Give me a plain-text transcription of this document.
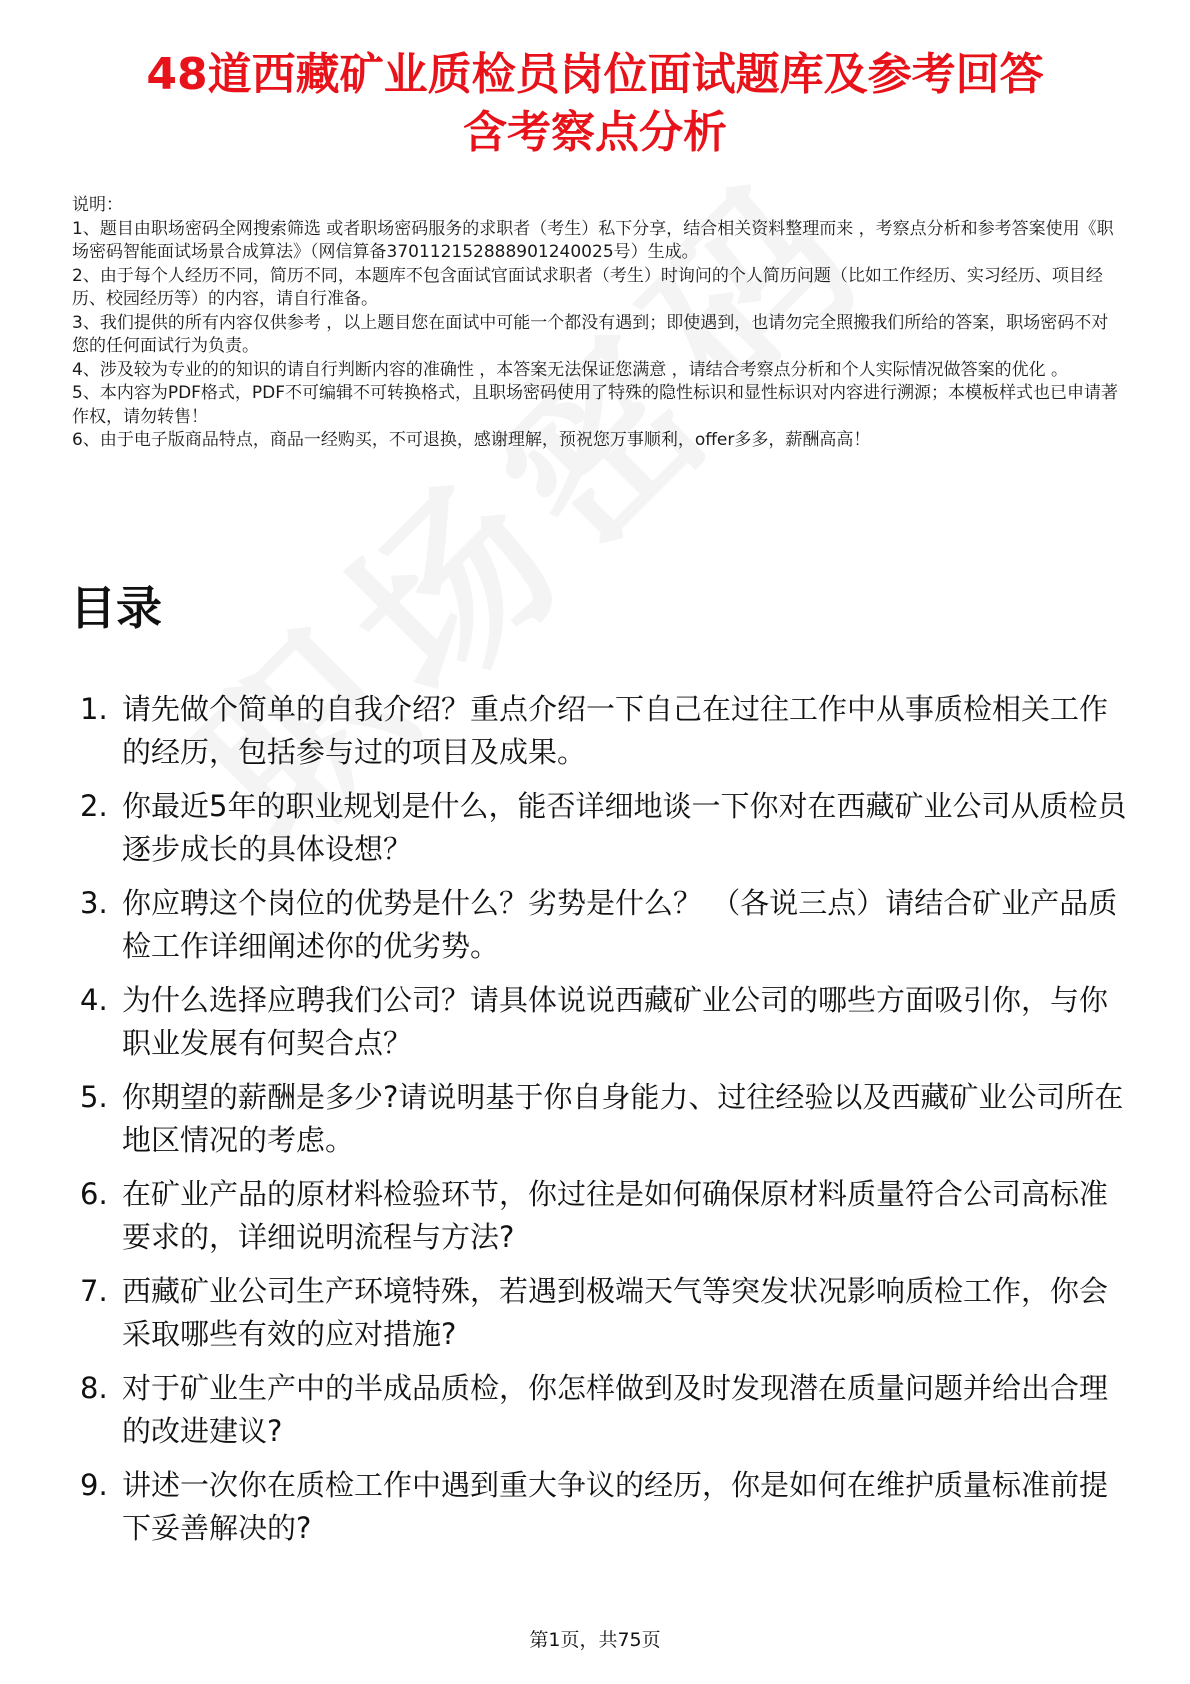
48道西藏矿业质检员岗位面试题库及参考回答
含考察点分析

说明：

1、题目由职场密码全网搜索筛选 或者职场密码服务的求职者（考生）私下分享，结合相关资料整理而来 ，考察点分析和参考答案使用《职场密码智能面试场景合成算法》（网信算备370112152888901240025号）生成。

2、由于每个人经历不同，简历不同，本题库不包含面试官面试求职者（考生）时询问的个人简历问题（比如工作经历、实习经历、项目经历、校园经历等）的内容，请自行准备。

3、我们提供的所有内容仅供参考 ，以上题目您在面试中可能一个都没有遇到；即使遇到，也请勿完全照搬我们所给的答案，职场密码不对您的任何面试行为负责。

4、涉及较为专业的的知识的请自行判断内容的准确性 ，本答案无法保证您满意 ，请结合考察点分析和个人实际情况做答案的优化 。

5、本内容为PDF格式，PDF不可编辑不可转换格式，且职场密码使用了特殊的隐性标识和显性标识对内容进行溯源；本模板样式也已申请著作权，请勿转售！

6、由于电子版商品特点，商品一经购买，不可退换，感谢理解，预祝您万事顺利，offer多多，薪酬高高！

目录
1. 请先做个简单的自我介绍？重点介绍一下自己在过往工作中从事质检相关工作的经历，包括参与过的项目及成果。
2. 你最近5年的职业规划是什么，能否详细地谈一下你对在西藏矿业公司从质检员逐步成长的具体设想？
3. 你应聘这个岗位的优势是什么？劣势是什么？ （各说三点）请结合矿业产品质检工作详细阐述你的优劣势。
4. 为什么选择应聘我们公司？请具体说说西藏矿业公司的哪些方面吸引你，与你职业发展有何契合点？
5. 你期望的薪酬是多少?请说明基于你自身能力、过往经验以及西藏矿业公司所在地区情况的考虑。
6. 在矿业产品的原材料检验环节，你过往是如何确保原材料质量符合公司高标准要求的，详细说明流程与方法?
7. 西藏矿业公司生产环境特殊，若遇到极端天气等突发状况影响质检工作，你会采取哪些有效的应对措施?
8. 对于矿业生产中的半成品质检，你怎样做到及时发现潜在质量问题并给出合理的改进建议?
9. 讲述一次你在质检工作中遇到重大争议的经历，你是如何在维护质量标准前提下妥善解决的?
第1页，共75页
